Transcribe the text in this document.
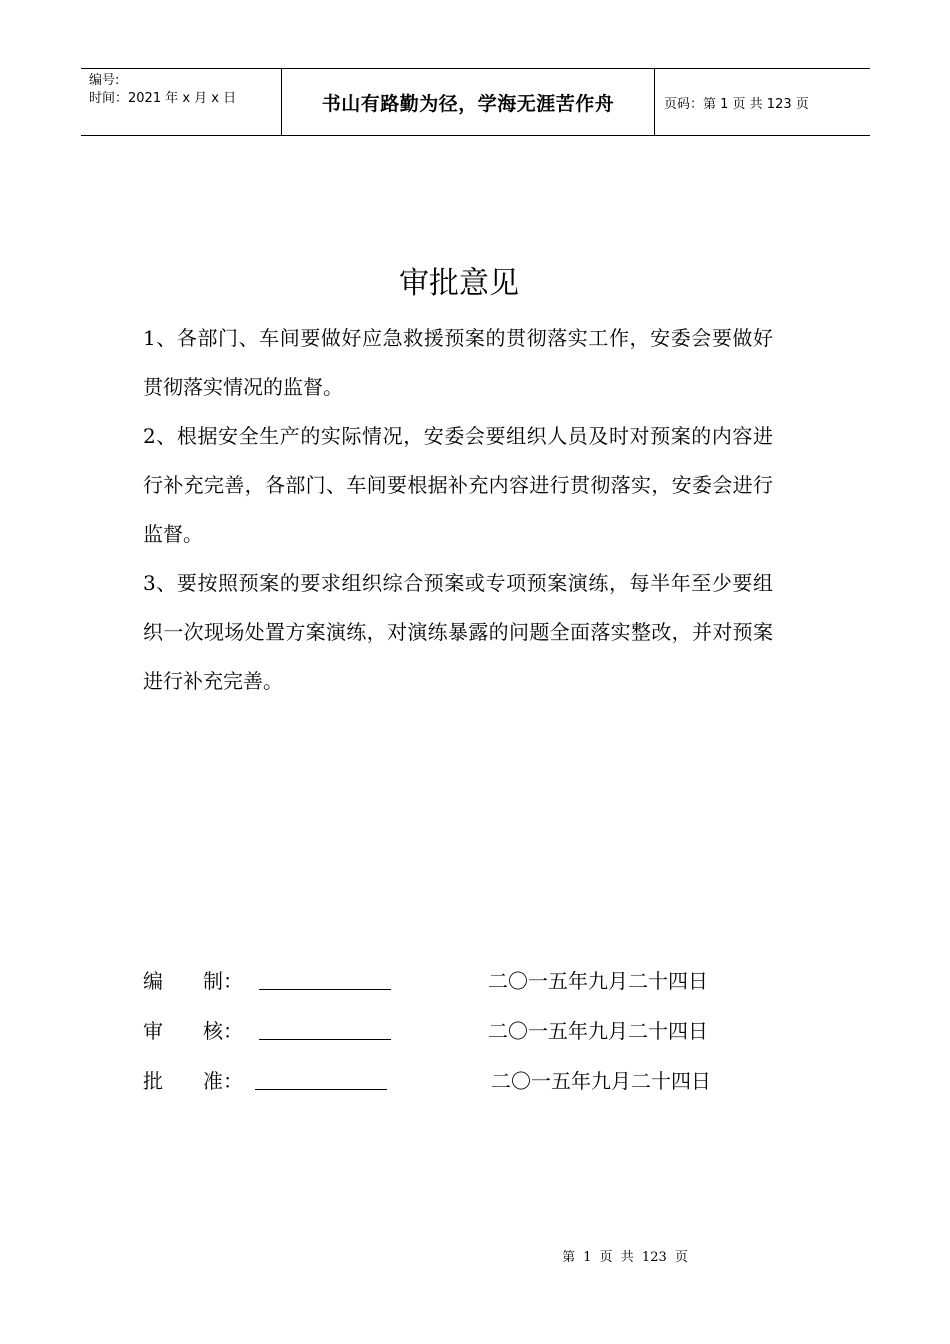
编号:
时间：2021 年 x 月 x 日	书山有路勤为径，学海无涯苦作舟	页码：第 1 页 共 123 页
审批意见

1、各部门、车间要做好应急救援预案的贯彻落实工作，安委会要做好贯彻落实情况的监督。

2、根据安全生产的实际情况，安委会要组织人员及时对预案的内容进行补充完善，各部门、车间要根据补充内容进行贯彻落实，安委会进行监督。

3、要按照预案的要求组织综合预案或专项预案演练，每半年至少要组织一次现场处置方案演练，对演练暴露的问题全面落实整改，并对预案进行补充完善。

编　　制：	二〇一五年九月二十四日
审　　核：	二〇一五年九月二十四日
批　　准：	二〇一五年九月二十四日
第 1 页 共 123 页
